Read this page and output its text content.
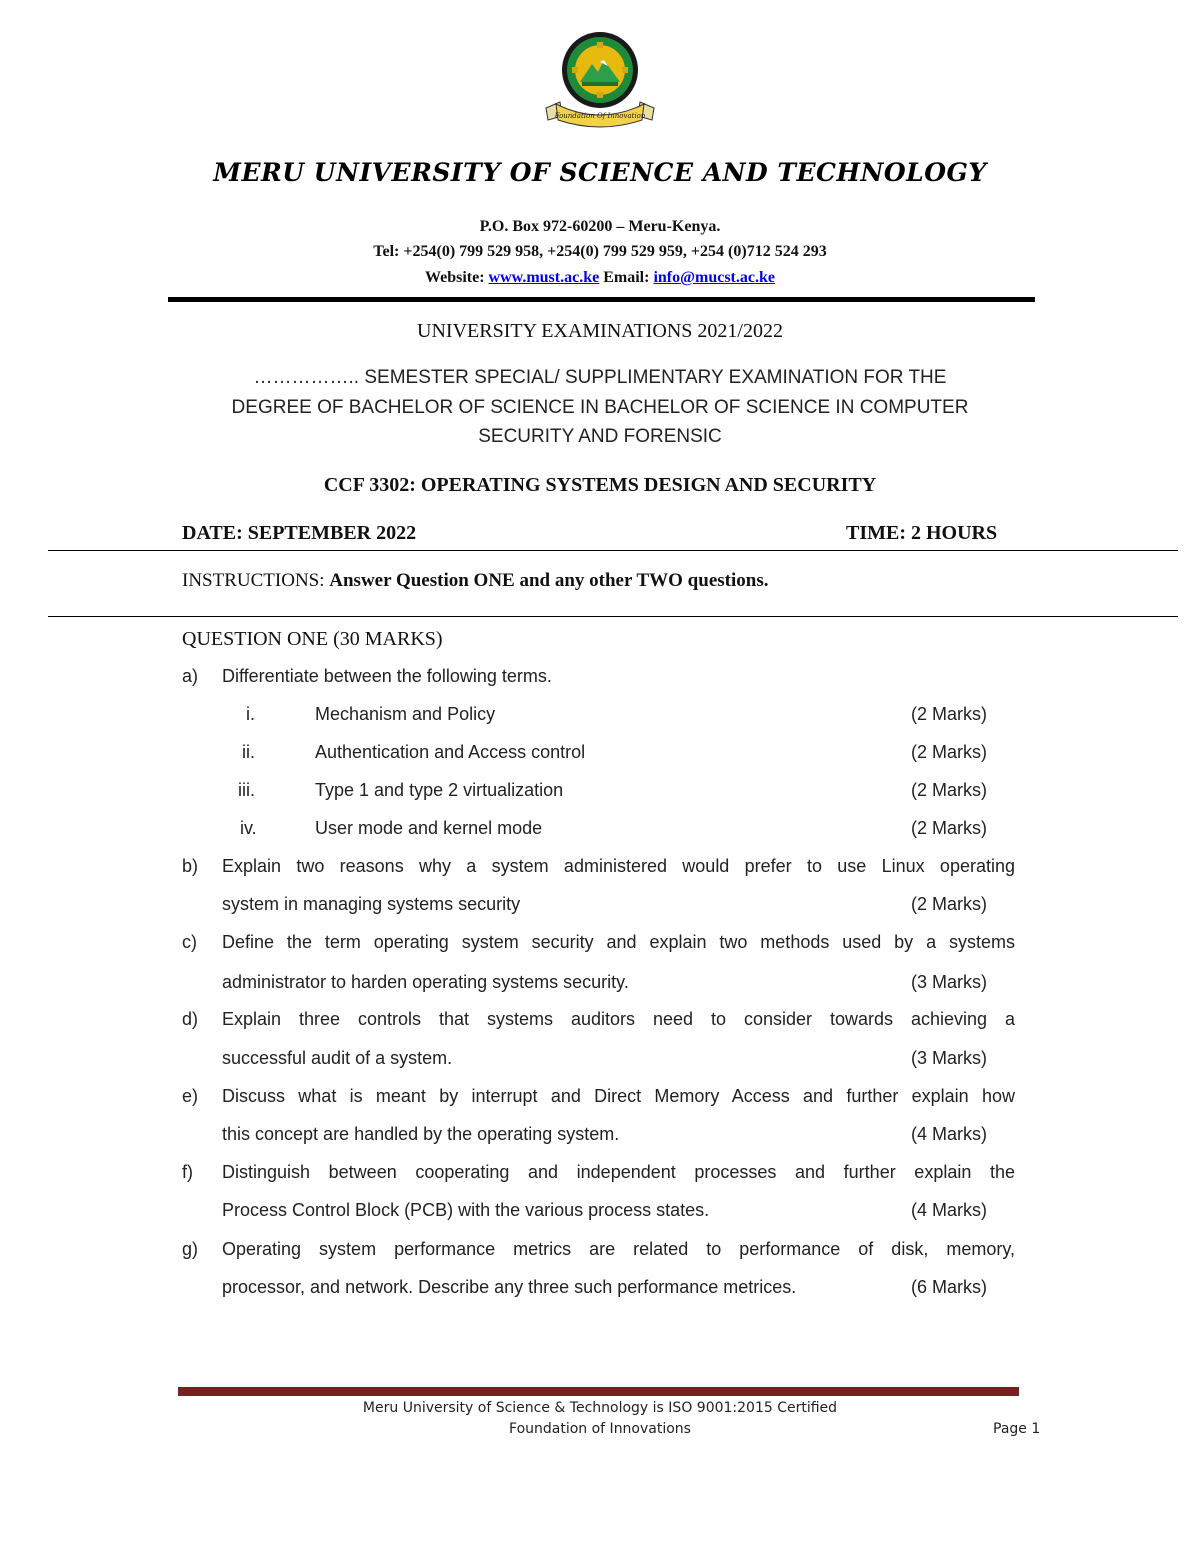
Foundation Of Innovation
MERU UNIVERSITY OF SCIENCE AND TECHNOLOGY
P.O. Box 972-60200 – Meru-Kenya.
Tel: +254(0) 799 529 958, +254(0) 799 529 959, +254 (0)712 524 293
Website: www.must.ac.ke Email: info@mucst.ac.ke
UNIVERSITY EXAMINATIONS 2021/2022
…………….. SEMESTER SPECIAL/ SUPPLIMENTARY EXAMINATION FOR THE
DEGREE OF BACHELOR OF SCIENCE IN BACHELOR OF SCIENCE IN COMPUTER
SECURITY AND FORENSIC
CCF 3302: OPERATING SYSTEMS DESIGN AND SECURITY
DATE: SEPTEMBER 2022	TIME: 2 HOURS
INSTRUCTIONS: Answer Question ONE and any other TWO questions.
QUESTION ONE (30 MARKS)
a) Differentiate between the following terms.
i.	Mechanism and Policy	(2 Marks)
ii.	Authentication and Access control	(2 Marks)
iii.	Type 1 and type 2 virtualization	(2 Marks)
iv.	User mode and kernel mode	(2 Marks)
b) Explain two reasons why a system administered would prefer to use Linux operating
system in managing systems security	(2 Marks)
c) Define the term operating system security and explain two methods used by a systems
administrator to harden operating systems security.	(3 Marks)
d) Explain three controls that systems auditors need to consider towards achieving a
successful audit of a system.	(3 Marks)
e) Discuss what is meant by interrupt and Direct Memory Access and further explain how
this concept are handled by the operating system.	(4 Marks)
f) Distinguish between cooperating and independent processes and further explain the
Process Control Block (PCB) with the various process states.	(4 Marks)
g) Operating system performance metrics are related to performance of disk, memory,
processor, and network. Describe any three such performance metrices.	(6 Marks)
Meru University of Science & Technology is ISO 9001:2015 Certified
Foundation of Innovations	Page 1
